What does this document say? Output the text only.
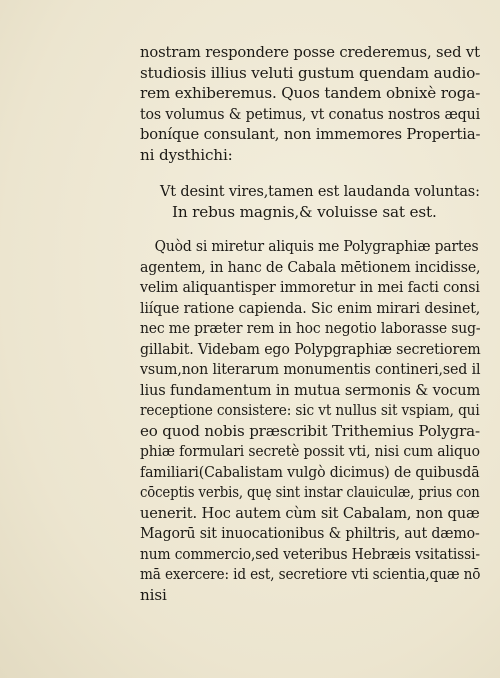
nostram respondere posse crederemus, sed vt
studiosis illius veluti gustum quendam audio-
rem exhiberemus. Quos tandem obnixè roga-
tos volumus & petimus, vt conatus nostros æqui
boníque consulant, non immemores Propertia-
ni dysthichi:
Vt desint vires,tamen est laudanda voluntas:
In rebus magnis,& voluisse sat est.
Quòd si miretur aliquis me Polygraphiæ partes
agentem, in hanc de Cabala mētionem incidisse,
velim aliquantisper immoretur in mei facti consi
liíque ratione capienda. Sic enim mirari desinet,
nec me præter rem in hoc negotio laborasse sug-
gillabit. Videbam ego Polypgraphiæ secretiorem
vsum,non literarum monumentis contineri,sed il
lius fundamentum in mutua sermonis & vocum
receptione consistere: sic vt nullus sit vspiam, qui
eo quod nobis præscribit Trithemius Polygra-
phiæ formulari secretè possit vti, nisi cum aliquo
familiari(Cabalistam vulgò dicimus) de quibusdā
cōceptis verbis, quę sint instar clauiculæ, prius con
uenerit. Hoc autem cùm sit Cabalam, non quæ
Magorū sit inuocationibus & philtris, aut dæmo-
num commercio,sed veteribus Hebræis vsitatissi-
mā exercere: id est, secretiore vti scientia,quæ nō
nisi
